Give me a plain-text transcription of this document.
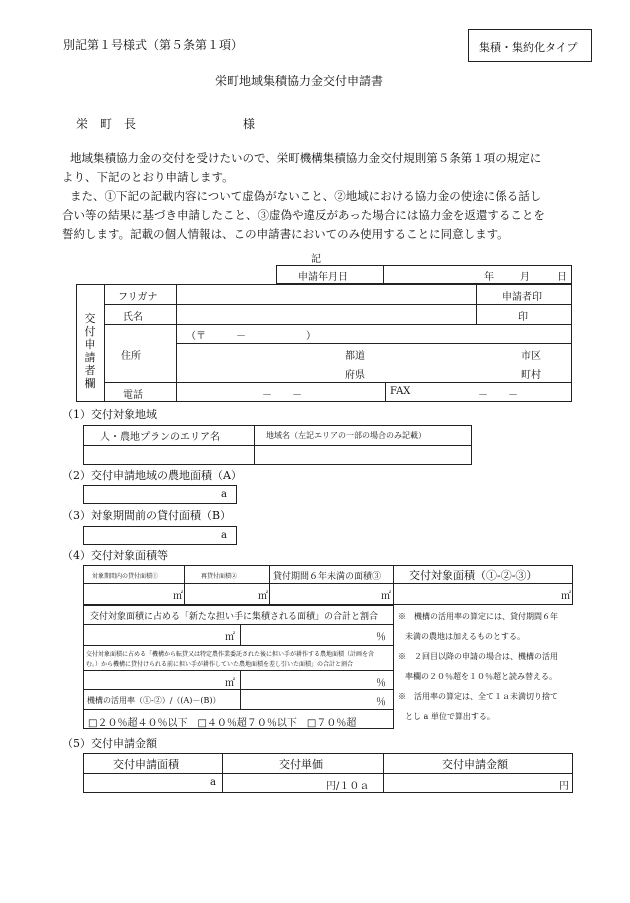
別記第１号様式（第５条第１項）	集積・集約化タイプ
栄町地域集積協力金交付申請書
栄　町　長	様
地域集積協力金の交付を受けたいので、栄町機構集積協力金交付規則第５条第１項の規定に
より、下記のとおり申請します。
また、①下記の記載内容について虚偽がないこと、②地域における協力金の使途に係る話し
合い等の結果に基づき申請したこと、③虚偽や違反があった場合には協力金を返還することを
誓約します。記載の個人情報は、この申請書においてのみ使用することに同意します。
記
申請年月日	年	月	日
交付申請者欄
フリガナ	申請者印
氏名	印
住所
（〒　　　－　　　　　　）
都道
府県
市区
町村
電話	－　　－	FAX	－　　－
（1）交付対象地域
人・農地プランのエリア名	地域名（左記エリアの一部の場合のみ記載）
（2）交付申請地域の農地面積（A）
a
（3）対象期間前の貸付面積（B）
a
（4）交付対象面積等
対象期間内の貸付面積①	再貸付面積②	貸付期間６年未満の面積③	交付対象面積（①-②-③）
㎡	㎡	㎡	㎡
交付対象面積に占める「新たな担い手に集積される面積」の合計と割合
㎡	％
交付対象面積に占める「機構から転貸又は特定農作業委託された後に担い手が耕作する農地面積（計画を含
む。）から機構に貸付けられる前に担い手が耕作していた農地面積を差し引いた面積」の合計と割合
㎡	％
機構の活用率（①-②）/（(A)－(B)）	％
□２０％超４０％以下　□４０％超７０％以下　□７０％超
※　機構の活用率の算定には、貸付期間６年
未満の農地は加えるものとする。
※　２回目以降の申請の場合は、機構の活用
率欄の２０％超を１０％超と読み替える。
※　活用率の算定は、全て１ａ未満切り捨て
とし a 単位で算出する。
（5）交付申請金額
交付申請面積	交付単価	交付申請金額
a	円/１０ａ	円
